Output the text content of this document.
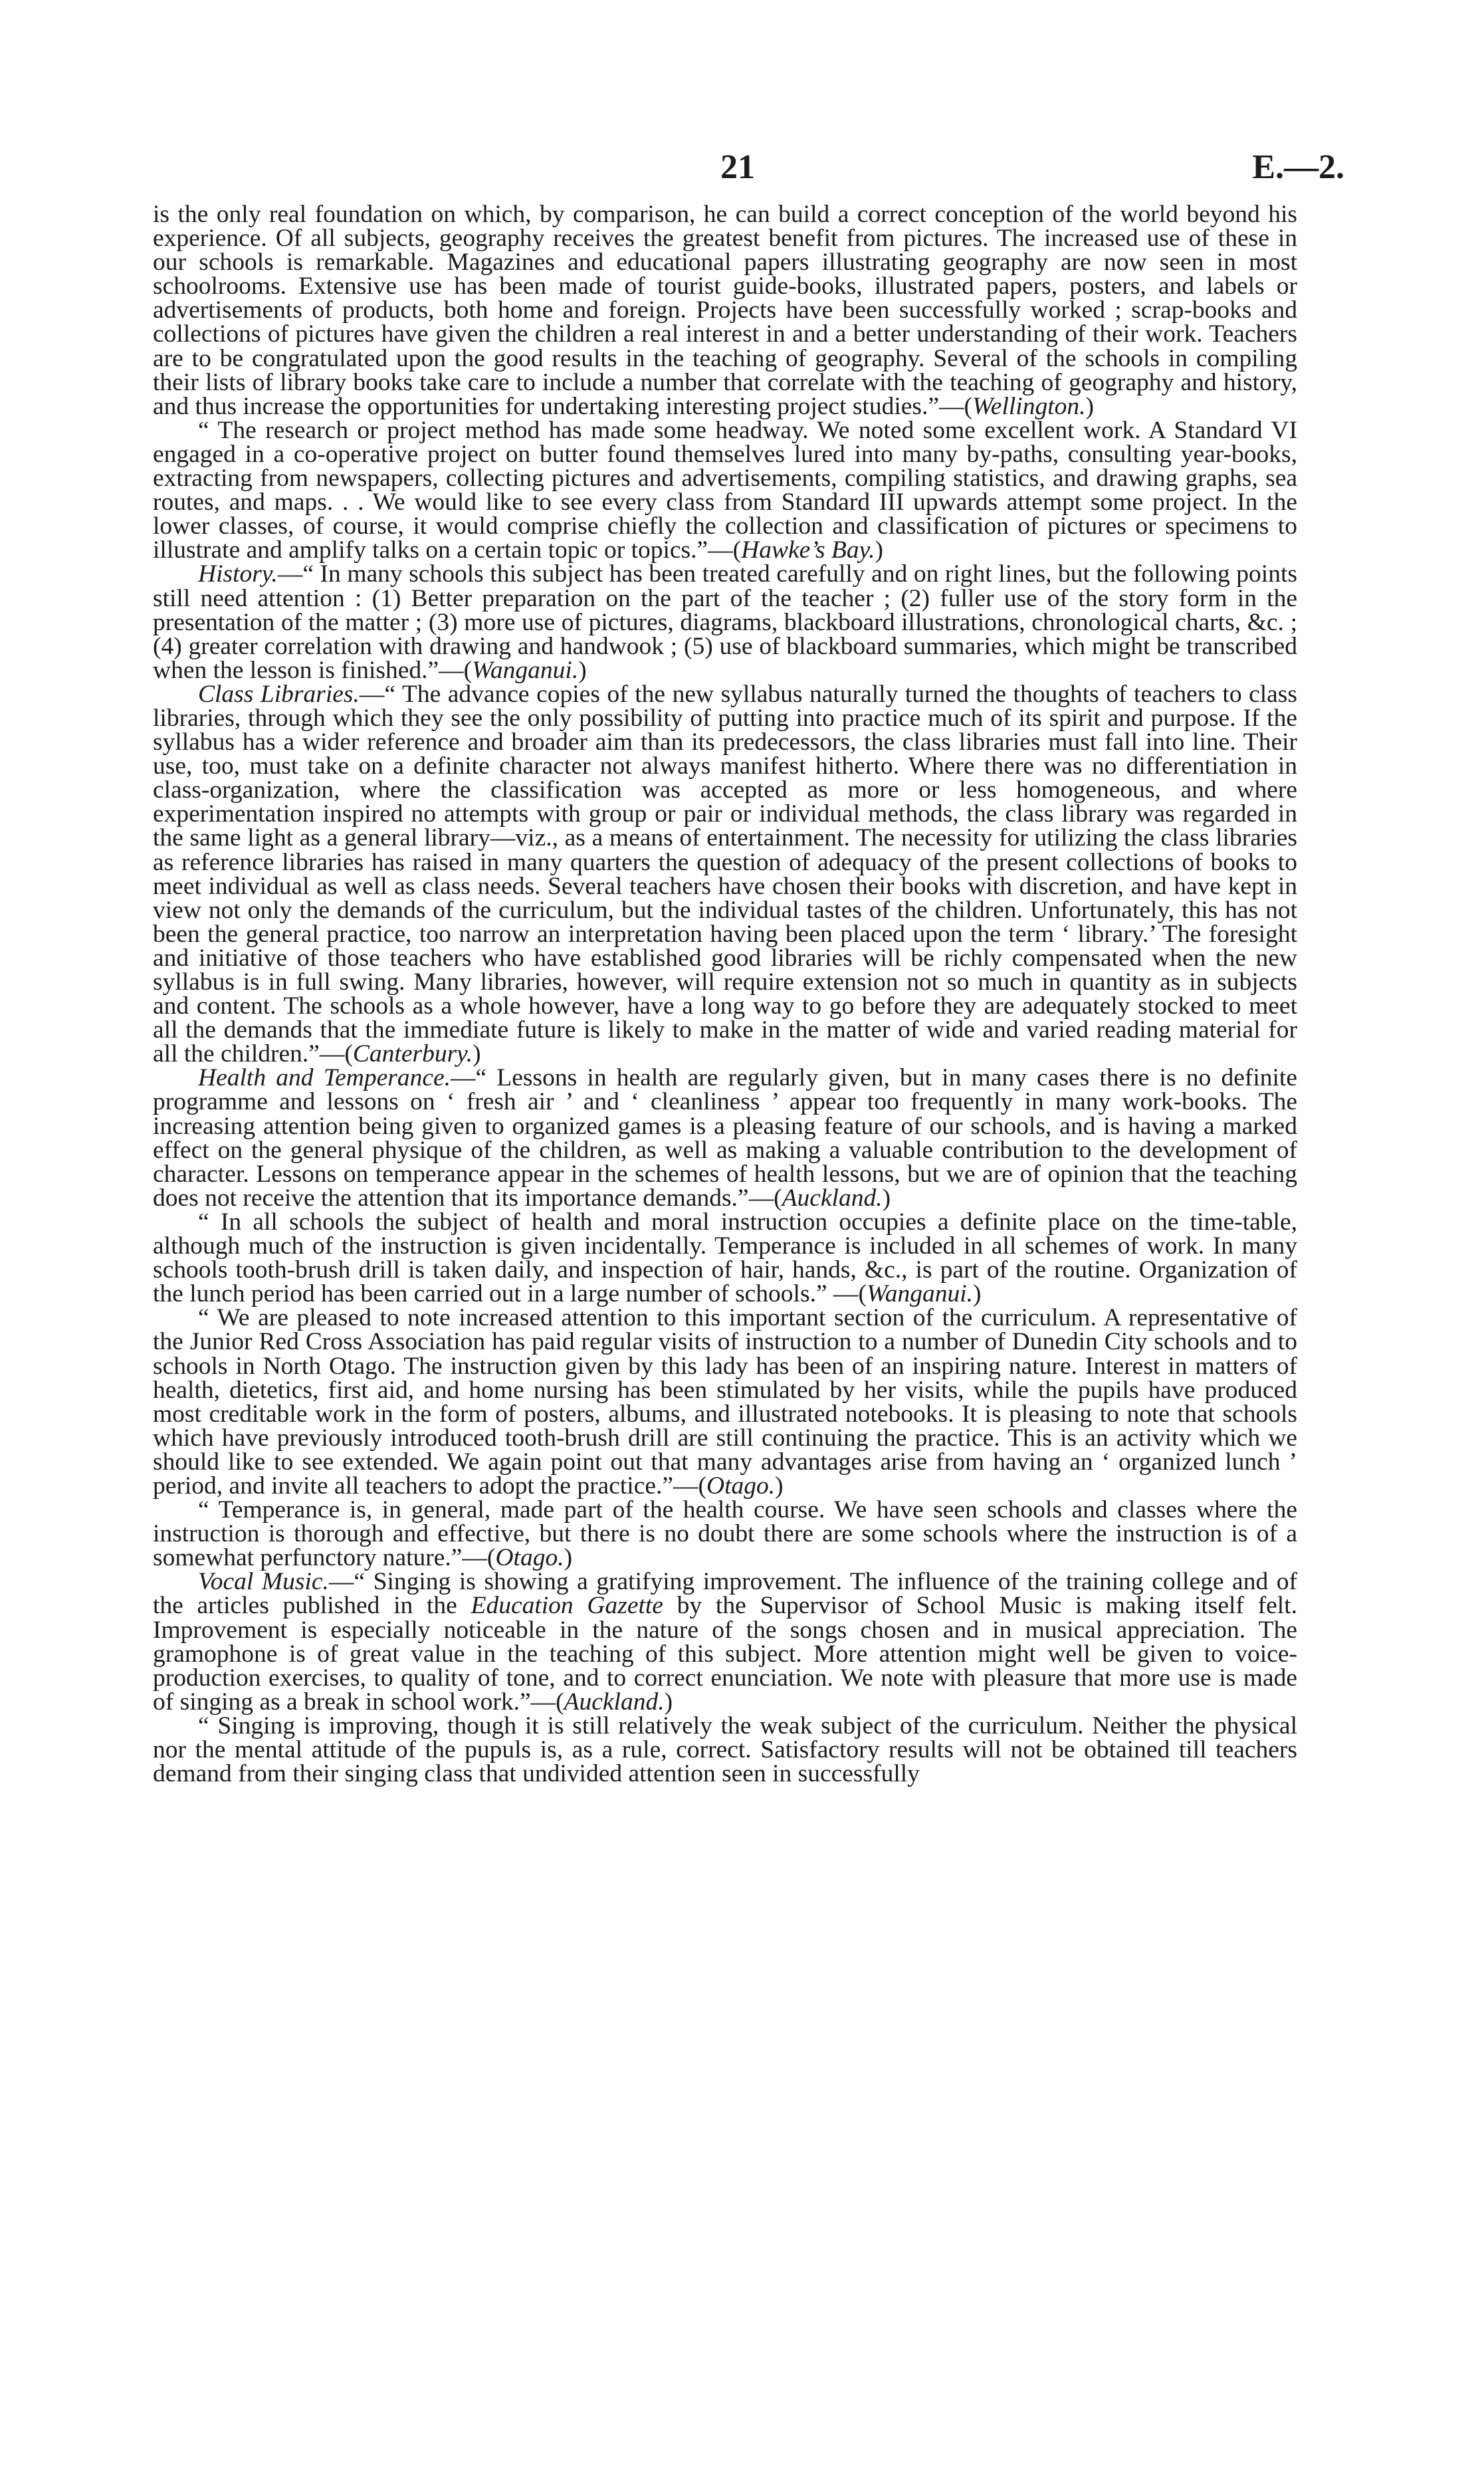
21	E.—2.

is the only real foundation on which, by comparison, he can build a correct conception of the world beyond his experience. Of all subjects, geography receives the greatest benefit from pictures. The increased use of these in our schools is remarkable. Magazines and educational papers illustrating geography are now seen in most schoolrooms. Extensive use has been made of tourist guide-books, illustrated papers, posters, and labels or advertisements of products, both home and foreign. Projects have been successfully worked ; scrap-books and collections of pictures have given the children a real interest in and a better understanding of their work. Teachers are to be congratulated upon the good results in the teaching of geography. Several of the schools in compiling their lists of library books take care to include a number that correlate with the teaching of geography and history, and thus increase the opportunities for undertaking interesting project studies.”—(Wellington.)

“ The research or project method has made some headway. We noted some excellent work. A Standard VI engaged in a co-operative project on butter found themselves lured into many by-paths, consulting year-books, extracting from newspapers, collecting pictures and advertisements, compiling statistics, and drawing graphs, sea routes, and maps. . . We would like to see every class from Standard III upwards attempt some project. In the lower classes, of course, it would comprise chiefly the collection and classification of pictures or specimens to illustrate and amplify talks on a certain topic or topics.”—(Hawke’s Bay.)

History.—“ In many schools this subject has been treated carefully and on right lines, but the following points still need attention : (1) Better preparation on the part of the teacher ; (2) fuller use of the story form in the presentation of the matter ; (3) more use of pictures, diagrams, blackboard illustrations, chronological charts, &c. ; (4) greater correlation with drawing and handwook ; (5) use of blackboard summaries, which might be transcribed when the lesson is finished.”—(Wanganui.)

Class Libraries.—“ The advance copies of the new syllabus naturally turned the thoughts of teachers to class libraries, through which they see the only possibility of putting into practice much of its spirit and purpose. If the syllabus has a wider reference and broader aim than its predecessors, the class libraries must fall into line. Their use, too, must take on a definite character not always manifest hitherto. Where there was no differentiation in class-organization, where the classification was accepted as more or less homogeneous, and where experimentation inspired no attempts with group or pair or individual methods, the class library was regarded in the same light as a general library—viz., as a means of entertainment. The necessity for utilizing the class libraries as reference libraries has raised in many quarters the question of adequacy of the present collections of books to meet individual as well as class needs. Several teachers have chosen their books with discretion, and have kept in view not only the demands of the curriculum, but the individual tastes of the children. Unfortunately, this has not been the general practice, too narrow an interpretation having been placed upon the term ‘ library.’ The foresight and initiative of those teachers who have established good libraries will be richly compensated when the new syllabus is in full swing. Many libraries, however, will require extension not so much in quantity as in subjects and content. The schools as a whole however, have a long way to go before they are adequately stocked to meet all the demands that the immediate future is likely to make in the matter of wide and varied reading material for all the children.”—(Canterbury.)

Health and Temperance.—“ Lessons in health are regularly given, but in many cases there is no definite programme and lessons on ‘ fresh air ’ and ‘ cleanliness ’ appear too frequently in many work-books. The increasing attention being given to organized games is a pleasing feature of our schools, and is having a marked effect on the general physique of the children, as well as making a valuable contribution to the development of character. Lessons on temperance appear in the schemes of health lessons, but we are of opinion that the teaching does not receive the attention that its importance demands.”—(Auckland.)

“ In all schools the subject of health and moral instruction occupies a definite place on the time-table, although much of the instruction is given incidentally. Temperance is included in all schemes of work. In many schools tooth-brush drill is taken daily, and inspection of hair, hands, &c., is part of the routine. Organization of the lunch period has been carried out in a large number of schools.” —(Wanganui.)

“ We are pleased to note increased attention to this important section of the curriculum. A representative of the Junior Red Cross Association has paid regular visits of instruction to a number of Dunedin City schools and to schools in North Otago. The instruction given by this lady has been of an inspiring nature. Interest in matters of health, dietetics, first aid, and home nursing has been stimulated by her visits, while the pupils have produced most creditable work in the form of posters, albums, and illustrated notebooks. It is pleasing to note that schools which have previously introduced tooth-brush drill are still continuing the practice. This is an activity which we should like to see extended. We again point out that many advantages arise from having an ‘ organized lunch ’ period, and invite all teachers to adopt the practice.”—(Otago.)

“ Temperance is, in general, made part of the health course. We have seen schools and classes where the instruction is thorough and effective, but there is no doubt there are some schools where the instruction is of a somewhat perfunctory nature.”—(Otago.)

Vocal Music.—“ Singing is showing a gratifying improvement. The influence of the training college and of the articles published in the Education Gazette by the Supervisor of School Music is making itself felt. Improvement is especially noticeable in the nature of the songs chosen and in musical appreciation. The gramophone is of great value in the teaching of this subject. More attention might well be given to voice-production exercises, to quality of tone, and to correct enunciation. We note with pleasure that more use is made of singing as a break in school work.”—(Auckland.)

“ Singing is improving, though it is still relatively the weak subject of the curriculum. Neither the physical nor the mental attitude of the pupuls is, as a rule, correct. Satisfactory results will not be obtained till teachers demand from their singing class that undivided attention seen in successfully
